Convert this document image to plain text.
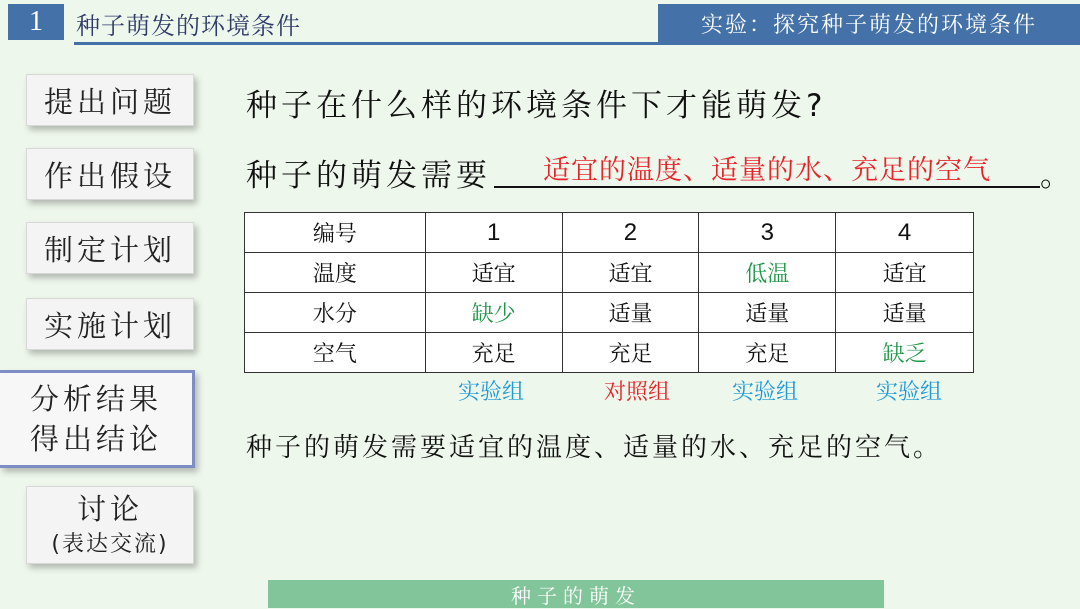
1	种子萌发的环境条件	实验：探究种子萌发的环境条件
提出问题
作出假设
制定计划
实施计划
分析结果
得出结论
讨论
(表达交流)
种子在什么样的环境条件下才能萌发?
种子的萌发需要	适宜的温度、适量的水、充足的空气	。
编号	1	2	3	4
温度	适宜	适宜	低温	适宜
水分	缺少	适量	适量	适量
空气	充足	充足	充足	缺乏
实验组	对照组	实验组	实验组
种子的萌发需要适宜的温度、适量的水、充足的空气。
种子的萌发
